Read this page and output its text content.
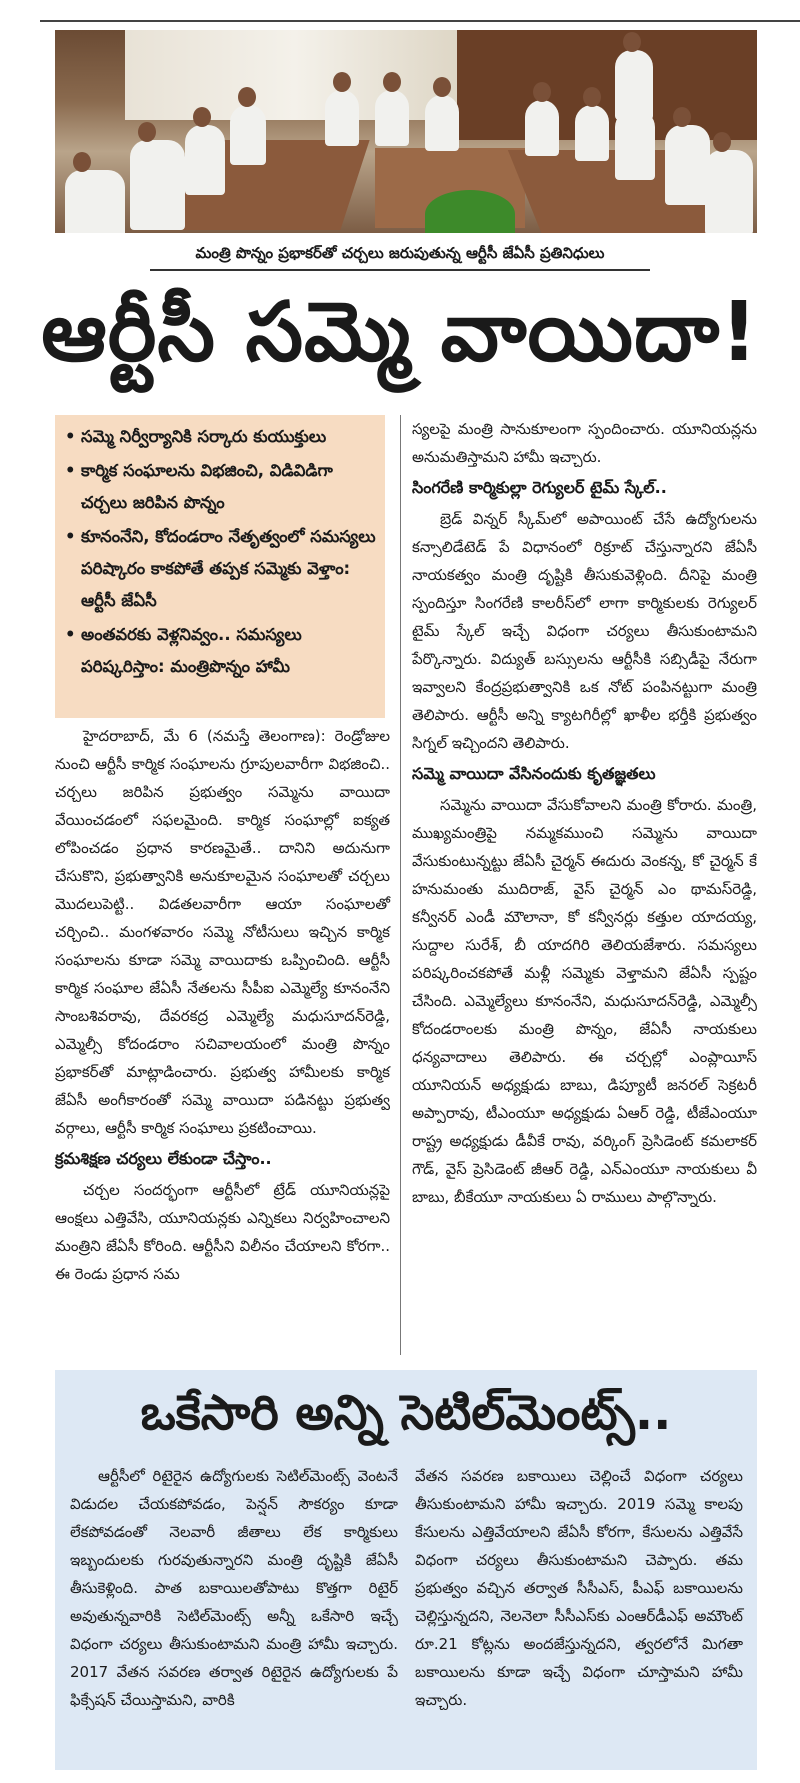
మంత్రి పొన్నం ప్రభాకర్‌తో చర్చలు జరుపుతున్న ఆర్టీసీ జేఏసీ ప్రతినిధులు
ఆర్టీసీ సమ్మె వాయిదా!
• సమ్మె నిర్వీర్యానికి సర్కారు కుయుక్తులు
• కార్మిక సంఘాలను విభజించి, విడివిడిగా చర్చలు జరిపిన పొన్నం
• కూనంనేని, కోదండరాం నేతృత్వంలో సమస్యలు పరిష్కారం కాకపోతే తప్పక సమ్మెకు వెళ్తాం: ఆర్టీసీ జేఏసీ
• అంతవరకు వెళ్లనివ్వం.. సమస్యలు పరిష్కరిస్తాం: మంత్రిపొన్నం హామీ

హైదరాబాద్, మే 6 (నమస్తే తెలంగాణ): రెండ్రోజుల నుంచి ఆర్టీసీ కార్మిక సంఘాలను గ్రూపులవారీగా విభజించి.. చర్చలు జరిపిన ప్రభుత్వం సమ్మెను వాయిదా వేయించడంలో సఫలమైంది. కార్మిక సంఘాల్లో ఐక్యత లోపించడం ప్రధాన కారణమైతే.. దానిని అదునుగా చేసుకొని, ప్రభుత్వానికి అనుకూలమైన సంఘాలతో చర్చలు మొదలుపెట్టి.. విడతలవారీగా ఆయా సంఘాలతో చర్చించి.. మంగళవారం సమ్మె నోటీసులు ఇచ్చిన కార్మిక సంఘాలను కూడా సమ్మె వాయిదాకు ఒప్పించింది. ఆర్టీసీ కార్మిక సంఘాల జేఏసీ నేతలను సీపీఐ ఎమ్మెల్యే కూనంనేని సాంబశివరావు, దేవరకద్ర ఎమ్మెల్యే మధుసూదన్‌రెడ్డి, ఎమ్మెల్సీ కోదండరాం సచివాలయంలో మంత్రి పొన్నం ప్రభాకర్‌తో మాట్లాడించారు. ప్రభుత్వ హామీలకు కార్మిక జేఏసీ అంగీకారంతో సమ్మె వాయిదా పడినట్టు ప్రభుత్వ వర్గాలు, ఆర్టీసీ కార్మిక సంఘాలు ప్రకటించాయి.

క్రమశిక్షణ చర్యలు లేకుండా చేస్తాం..

చర్చల సందర్భంగా ఆర్టీసీలో ట్రేడ్ యూనియన్లపై ఆంక్షలు ఎత్తివేసి, యూనియన్లకు ఎన్నికలు నిర్వహించాలని మంత్రిని జేఏసీ కోరింది. ఆర్టీసీని విలీనం చేయాలని కోరగా.. ఈ రెండు ప్రధాన సమ

స్యలపై మంత్రి సానుకూలంగా స్పందించారు. యూనియన్లను అనుమతిస్తామని హామీ ఇచ్చారు.

సింగరేణి కార్మికుల్లా రెగ్యులర్ టైమ్ స్కేల్..

బ్రెడ్ విన్నర్ స్కీమ్‌లో అపాయింట్ చేసే ఉద్యోగులను కన్సాలిడేటెడ్ పే విధానంలో రిక్రూట్ చేస్తున్నారని జేఏసీ నాయకత్వం మంత్రి దృష్టికి తీసుకువెళ్లింది. దీనిపై మంత్రి స్పందిస్తూ సింగరేణి కాలరీస్‌లో లాగా కార్మికులకు రెగ్యులర్ టైమ్ స్కేల్ ఇచ్చే విధంగా చర్యలు తీసుకుంటామని పేర్కొన్నారు. విద్యుత్ బస్సులను ఆర్టీసీకి సబ్సిడీపై నేరుగా ఇవ్వాలని కేంద్రప్రభుత్వానికి ఒక నోట్ పంపినట్టుగా మంత్రి తెలిపారు. ఆర్టీసీ అన్ని క్యాటగిరీల్లో ఖాళీల భర్తీకి ప్రభుత్వం సిగ్నల్ ఇచ్చిందని తెలిపారు.

సమ్మె వాయిదా వేసినందుకు కృతజ్ఞతలు

సమ్మెను వాయిదా వేసుకోవాలని మంత్రి కోరారు. మంత్రి, ముఖ్యమంత్రిపై నమ్మకముంచి సమ్మెను వాయిదా వేసుకుంటున్నట్టు జేఏసీ చైర్మన్ ఈదురు వెంకన్న, కో చైర్మన్ కే హనుమంతు ముదిరాజ్, వైస్ చైర్మన్ ఎం థామస్‌రెడ్డి, కన్వీనర్ ఎండీ మౌలానా, కో కన్వీనర్లు కత్తుల యాదయ్య, సుద్దాల సురేశ్, బీ యాదగిరి తెలియజేశారు. సమస్యలు పరిష్కరించకపోతే మళ్లీ సమ్మెకు వెళ్తామని జేఏసీ స్పష్టం చేసింది. ఎమ్మెల్యేలు కూనంనేని, మధుసూదన్‌రెడ్డి, ఎమ్మెల్సీ కోదండరాంలకు మంత్రి పొన్నం, జేఏసీ నాయకులు ధన్యవాదాలు తెలిపారు. ఈ చర్చల్లో ఎంప్లాయీస్ యూనియన్ అధ్యక్షుడు బాబు, డిప్యూటీ జనరల్ సెక్రటరీ అప్పారావు, టీఎంయూ అధ్యక్షుడు ఏఆర్ రెడ్డి, టీజేఎంయూ రాష్ట్ర అధ్యక్షుడు డీవీకే రావు, వర్కింగ్ ప్రెసిడెంట్ కమలాకర్ గౌడ్, వైస్ ప్రెసిడెంట్ జీఆర్ రెడ్డి, ఎన్ఎంయూ నాయకులు వీ బాబు, బీకేయూ నాయకులు ఏ రాములు పాల్గొన్నారు.

ఒకేసారి అన్ని సెటిల్‌మెంట్స్..

ఆర్టీసీలో రిటైరైన ఉద్యోగులకు సెటిల్‌మెంట్స్ వెంటనే విడుదల చేయకపోవడం, పెన్షన్ సౌకర్యం కూడా లేకపోవడంతో నెలవారీ జీతాలు లేక కార్మికులు ఇబ్బందులకు గురవుతున్నారని మంత్రి దృష్టికి జేఏసీ తీసుకెళ్లింది. పాత బకాయిలతోపాటు కొత్తగా రిటైర్ అవుతున్నవారికి సెటిల్‌మెంట్స్ అన్నీ ఒకేసారి ఇచ్చే విధంగా చర్యలు తీసుకుంటామని మంత్రి హామీ ఇచ్చారు. 2017 వేతన సవరణ తర్వాత రిటైరైన ఉద్యోగులకు పే ఫిక్సేషన్ చేయిస్తామని, వారికి

వేతన సవరణ బకాయిలు చెల్లించే విధంగా చర్యలు తీసుకుంటామని హామీ ఇచ్చారు. 2019 సమ్మె కాలపు కేసులను ఎత్తివేయాలని జేఏసీ కోరగా, కేసులను ఎత్తివేసే విధంగా చర్యలు తీసుకుంటామని చెప్పారు. తమ ప్రభుత్వం వచ్చిన తర్వాత సీసీఎస్, పీఎఫ్ బకాయిలను చెల్లిస్తున్నదని, నెలనెలా సీసీఎస్‌కు ఎంఆర్‌డీఎఫ్ అమౌంట్ రూ.21 కోట్లను అందజేస్తున్నదని, త్వరలోనే మిగతా బకాయిలను కూడా ఇచ్చే విధంగా చూస్తామని హామీ ఇచ్చారు.
